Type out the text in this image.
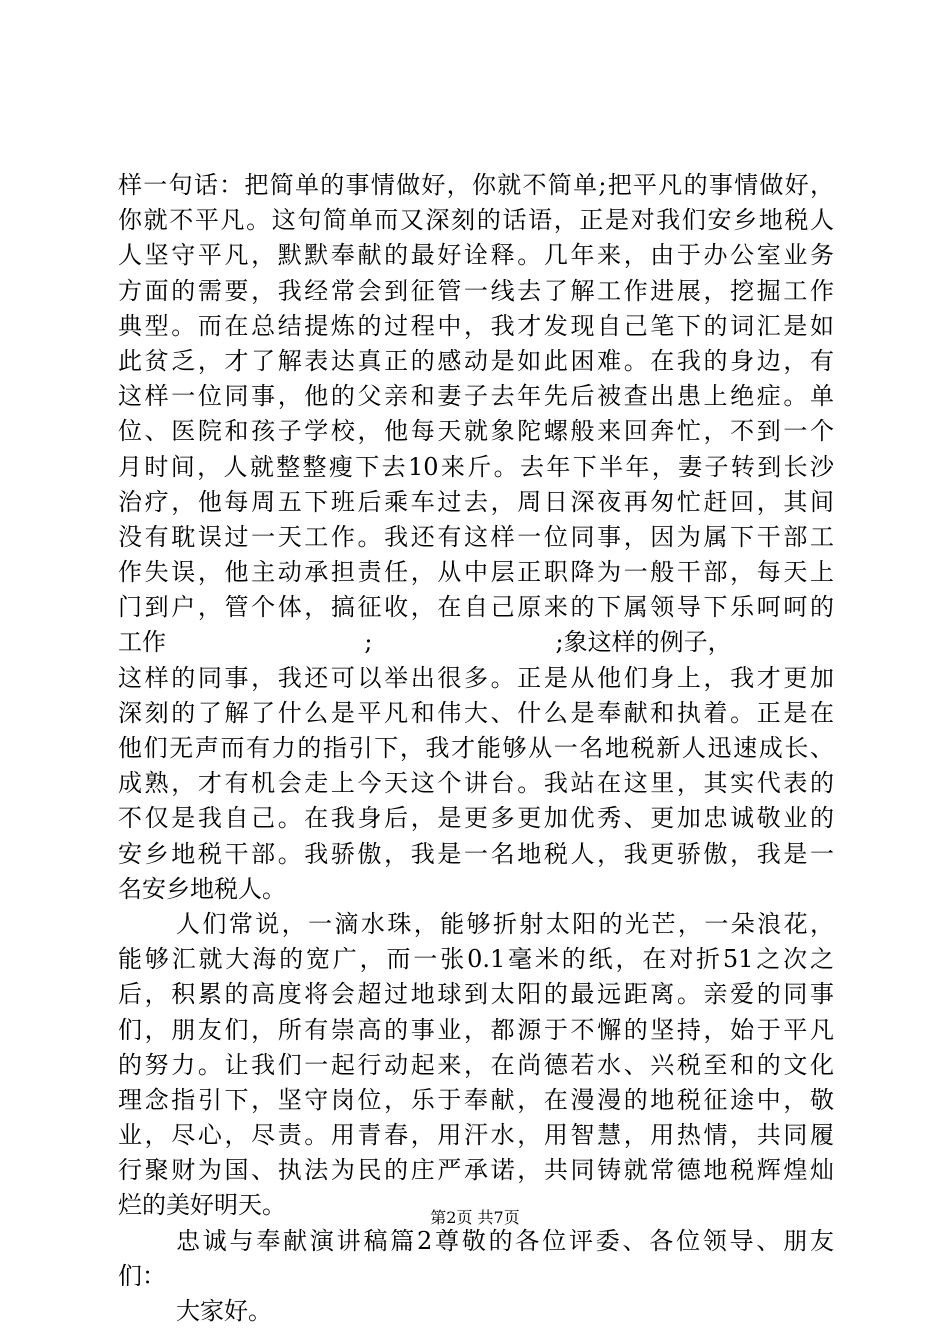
样一句话：把简单的事情做好，你就不简单;把平凡的事情做好，
你就不平凡。这句简单而又深刻的话语，正是对我们安乡地税人
人坚守平凡，默默奉献的最好诠释。几年来，由于办公室业务
方面的需要，我经常会到征管一线去了解工作进展，挖掘工作
典型。而在总结提炼的过程中，我才发现自己笔下的词汇是如
此贫乏，才了解表达真正的感动是如此困难。在我的身边，有
这样一位同事，他的父亲和妻子去年先后被查出患上绝症。单
位、医院和孩子学校，他每天就象陀螺般来回奔忙，不到一个
月时间，人就整整瘦下去10来斤。去年下半年，妻子转到长沙
治疗，他每周五下班后乘车过去，周日深夜再匆忙赶回，其间
没有耽误过一天工作。我还有这样一位同事，因为属下干部工
作失误，他主动承担责任，从中层正职降为一般干部，每天上
门到户，管个体，搞征收，在自己原来的下属领导下乐呵呵的
工作                          ;                        ;象这样的例子，
这样的同事，我还可以举出很多。正是从他们身上，我才更加
深刻的了解了什么是平凡和伟大、什么是奉献和执着。正是在
他们无声而有力的指引下，我才能够从一名地税新人迅速成长、
成熟，才有机会走上今天这个讲台。我站在这里，其实代表的
不仅是我自己。在我身后，是更多更加优秀、更加忠诚敬业的
安乡地税干部。我骄傲，我是一名地税人，我更骄傲，我是一
名安乡地税人。
人们常说，一滴水珠，能够折射太阳的光芒，一朵浪花，
能够汇就大海的宽广，而一张0.1毫米的纸，在对折51之次之
后，积累的高度将会超过地球到太阳的最远距离。亲爱的同事
们，朋友们，所有崇高的事业，都源于不懈的坚持，始于平凡
的努力。让我们一起行动起来，在尚德若水、兴税至和的文化
理念指引下，坚守岗位，乐于奉献，在漫漫的地税征途中，敬
业，尽心，尽责。用青春，用汗水，用智慧，用热情，共同履
行聚财为国、执法为民的庄严承诺，共同铸就常德地税辉煌灿
烂的美好明天。
忠诚与奉献演讲稿篇2尊敬的各位评委、各位领导、朋友
们：
大家好。
第2页 共7页
